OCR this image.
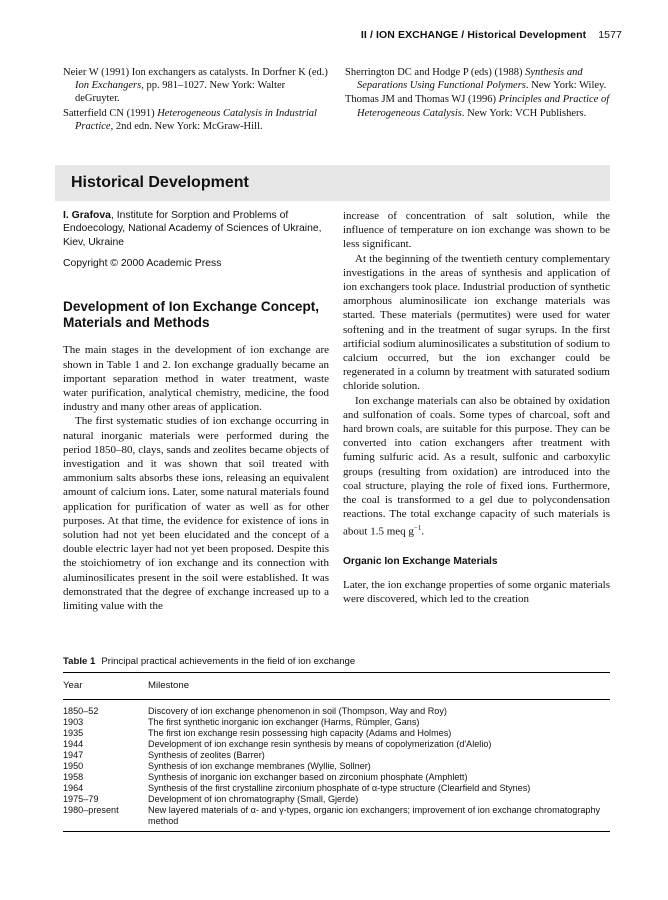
II / ION EXCHANGE / Historical Development 1577
Neier W (1991) Ion exchangers as catalysts. In Dorfner K (ed.) Ion Exchangers, pp. 981–1027. New York: Walter deGruyter.
Satterfield CN (1991) Heterogeneous Catalysis in Industrial Practice, 2nd edn. New York: McGraw-Hill.
Sherrington DC and Hodge P (eds) (1988) Synthesis and Separations Using Functional Polymers. New York: Wiley.
Thomas JM and Thomas WJ (1996) Principles and Practice of Heterogeneous Catalysis. New York: VCH Publishers.
Historical Development
I. Grafova, Institute for Sorption and Problems of Endoecology, National Academy of Sciences of Ukraine, Kiev, Ukraine
Copyright © 2000 Academic Press
Development of Ion Exchange Concept, Materials and Methods

The main stages in the development of ion exchange are shown in Table 1 and 2. Ion exchange gradually became an important separation method in water treatment, waste water purification, analytical chemistry, medicine, the food industry and many other areas of application.

The first systematic studies of ion exchange occurring in natural inorganic materials were performed during the period 1850–80, clays, sands and zeolites became objects of investigation and it was shown that soil treated with ammonium salts absorbs these ions, releasing an equivalent amount of calcium ions. Later, some natural materials found application for purification of water as well as for other purposes. At that time, the evidence for existence of ions in solution had not yet been elucidated and the concept of a double electric layer had not yet been proposed. Despite this the stoichiometry of ion exchange and its connection with aluminosilicates present in the soil were established. It was demonstrated that the degree of exchange increased up to a limiting value with the

increase of concentration of salt solution, while the influence of temperature on ion exchange was shown to be less significant.

At the beginning of the twentieth century complementary investigations in the areas of synthesis and application of ion exchangers took place. Industrial production of synthetic amorphous aluminosilicate ion exchange materials was started. These materials (permutites) were used for water softening and in the treatment of sugar syrups. In the first artificial sodium aluminosilicates a substitution of sodium to calcium occurred, but the ion exchanger could be regenerated in a column by treatment with saturated sodium chloride solution.

Ion exchange materials can also be obtained by oxidation and sulfonation of coals. Some types of charcoal, soft and hard brown coals, are suitable for this purpose. They can be converted into cation exchangers after treatment with fuming sulfuric acid. As a result, sulfonic and carboxylic groups (resulting from oxidation) are introduced into the coal structure, playing the role of fixed ions. Furthermore, the coal is transformed to a gel due to polycondensation reactions. The total exchange capacity of such materials is about 1.5 meq $g^{-1}$.

Organic Ion Exchange Materials

Later, the ion exchange properties of some organic materials were discovered, which led to the creation

Table 1 Principal practical achievements in the field of ion exchange
Year	Milestone
1850–52	Discovery of ion exchange phenomenon in soil (Thompson, Way and Roy)
1903	The first synthetic inorganic ion exchanger (Harms, Rümpler, Gans)
1935	The first ion exchange resin possessing high capacity (Adams and Holmes)
1944	Development of ion exchange resin synthesis by means of copolymerization (d'Alelio)
1947	Synthesis of zeolites (Barrer)
1950	Synthesis of ion exchange membranes (Wyllie, Sollner)
1958	Synthesis of inorganic ion exchanger based on zirconium phosphate (Amphlett)
1964	Synthesis of the first crystalline zirconium phosphate of α-type structure (Clearfield and Stynes)
1975–79	Development of ion chromatography (Small, Gjerde)
1980–present	New layered materials of α- and γ-types, organic ion exchangers; improvement of ion exchange chromatography method
